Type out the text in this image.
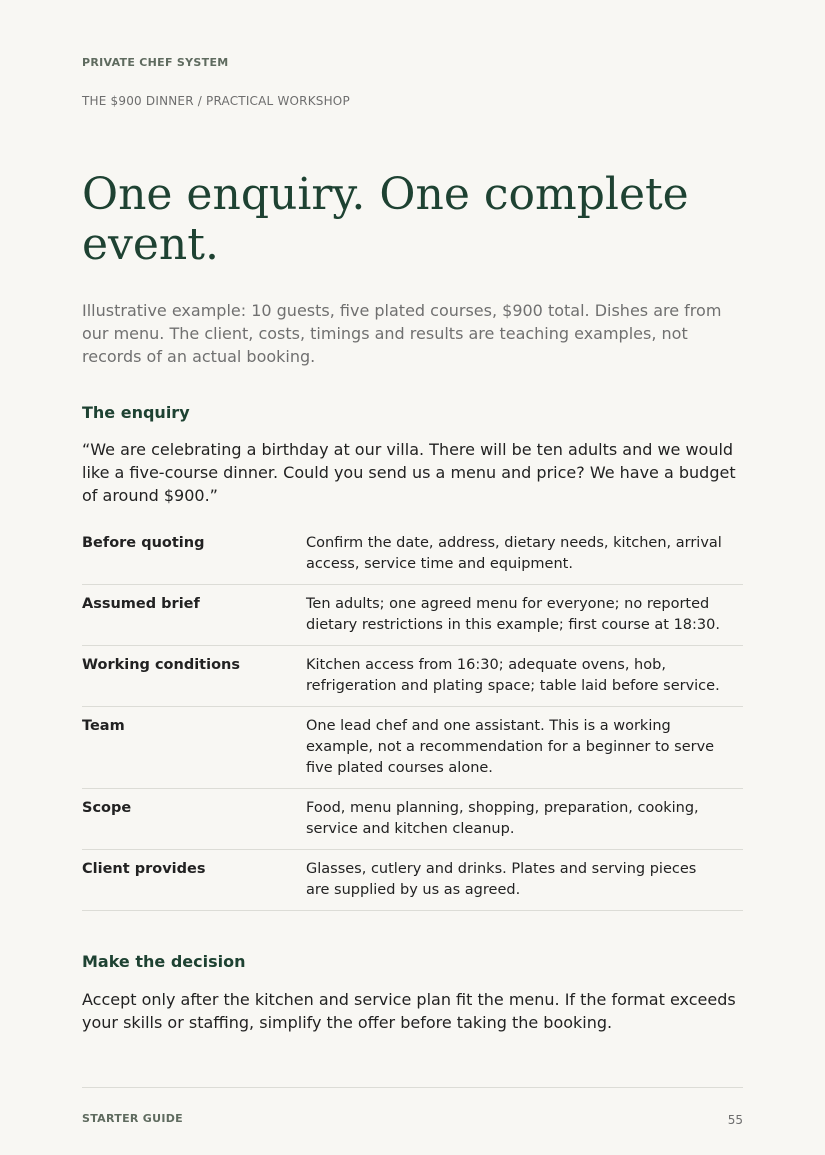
PRIVATE CHEF SYSTEM
THE $900 DINNER / PRACTICAL WORKSHOP
One enquiry. One complete event.

Illustrative example: 10 guests, five plated courses, $900 total. Dishes are from our menu. The client, costs, timings and results are teaching examples, not records of an actual booking.

The enquiry

“We are celebrating a birthday at our villa. There will be ten adults and we would like a five-course dinner. Could you send us a menu and price? We have a budget of around $900.”

Before quoting	Confirm the date, address, dietary needs, kitchen, arrival access, service time and equipment.
Assumed brief	Ten adults; one agreed menu for everyone; no reported dietary restrictions in this example; first course at 18:30.
Working conditions	Kitchen access from 16:30; adequate ovens, hob, refrigeration and plating space; table laid before service.
Team	One lead chef and one assistant. This is a working example, not a recommendation for a beginner to serve five plated courses alone.
Scope	Food, menu planning, shopping, preparation, cooking, service and kitchen cleanup.
Client provides	Glasses, cutlery and drinks. Plates and serving pieces are supplied by us as agreed.
Make the decision

Accept only after the kitchen and service plan fit the menu. If the format exceeds your skills or staffing, simplify the offer before taking the booking.

STARTER GUIDE	55
